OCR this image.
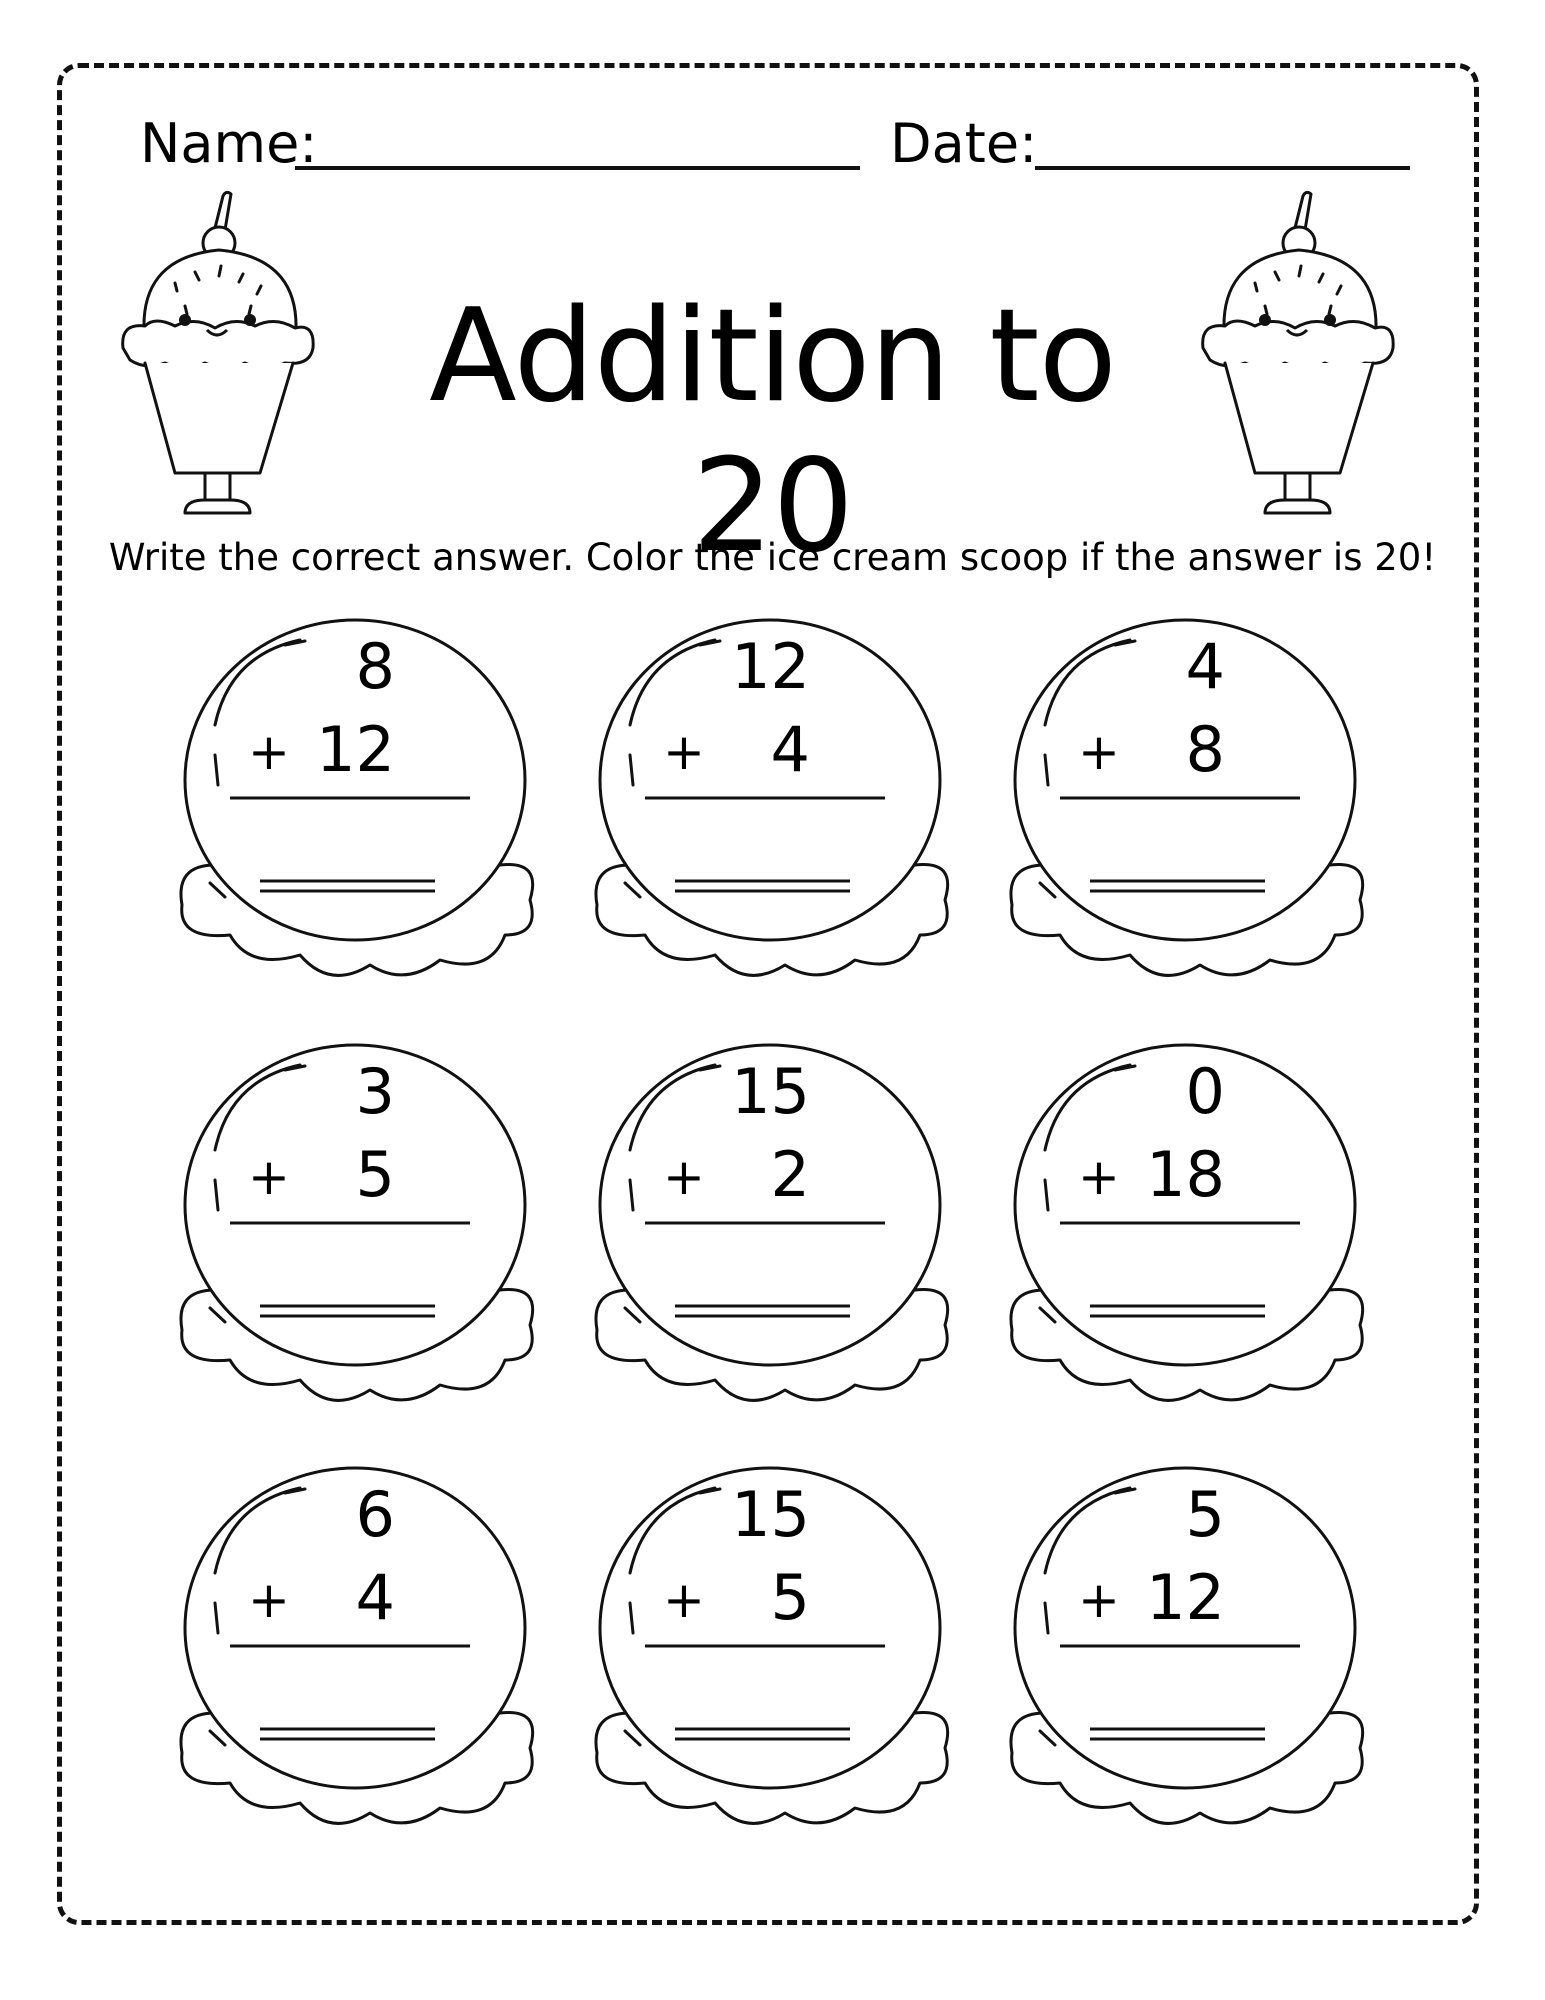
Name:	Date:
Addition to 20
Write the correct answer. Color the ice cream scoop if the answer is 20!
8
+ 12
12
+	4
4
+	8
3
+	5
15
+	2
0
+ 18
6
+	4
15
+	5
5
+ 12
